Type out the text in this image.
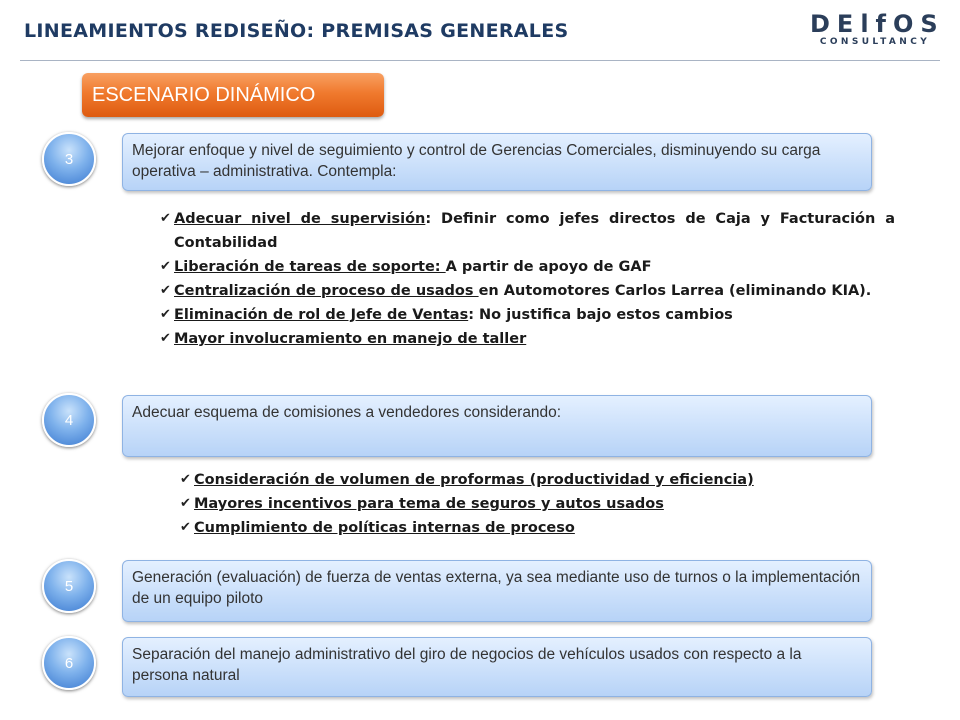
LINEAMIENTOS REDISEÑO: PREMISAS GENERALES	DElfOS
CONSULTANCY
ESCENARIO DINÁMICO
3	Mejorar enfoque y nivel de seguimiento y control de Gerencias Comerciales, disminuyendo su carga operativa – administrativa. Contempla:
✔ Adecuar nivel de supervisión: Definir como jefes directos de Caja y Facturación a Contabilidad
✔ Liberación de tareas de soporte: A partir de apoyo de GAF
✔ Centralización de proceso de usados en Automotores Carlos Larrea (eliminando KIA).
✔ Eliminación de rol de Jefe de Ventas: No justifica bajo estos cambios
✔ Mayor involucramiento en manejo de taller
4	Adecuar esquema de comisiones a vendedores considerando:
✔ Consideración de volumen de proformas (productividad y eficiencia)
✔ Mayores incentivos para tema de seguros y autos usados
✔ Cumplimiento de políticas internas de proceso
5	Generación (evaluación) de fuerza de ventas externa, ya sea mediante uso de turnos o la implementación de un equipo piloto
6	Separación del manejo administrativo del giro de negocios de vehículos usados con respecto a la persona natural
